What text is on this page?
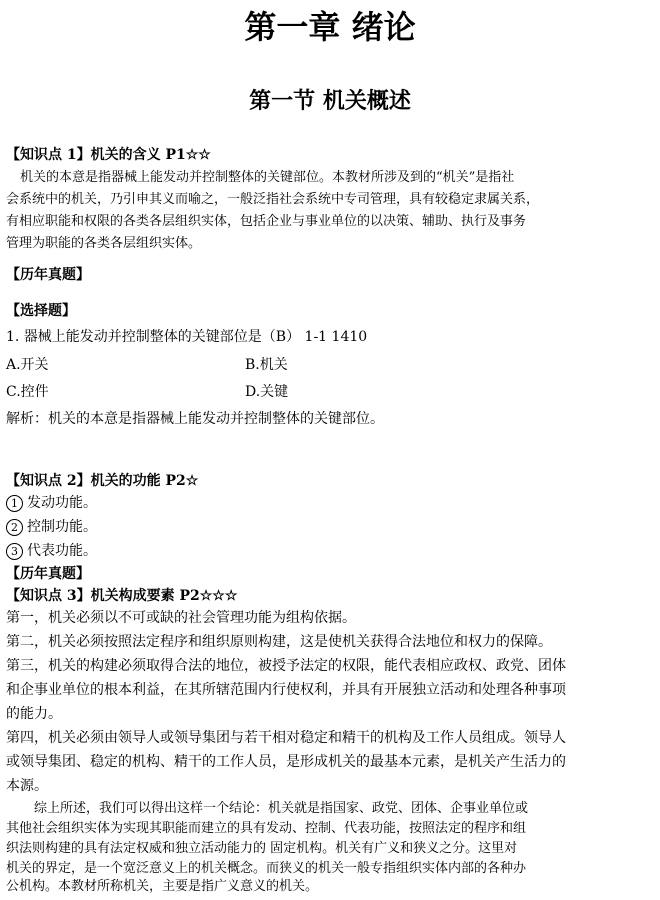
第一章 绪论
第一节 机关概述
【知识点 1】机关的含义 P1☆☆
机关的本意是指器械上能发动并控制整体的关键部位。本教材所涉及到的“机关”是指社
会系统中的机关，乃引申其义而喻之，一般泛指社会系统中专司管理，具有较稳定隶属关系，
有相应职能和权限的各类各层组织实体，包括企业与事业单位的以决策、辅助、执行及事务
管理为职能的各类各层组织实体。
【历年真题】
【选择题】
1. 器械上能发动并控制整体的关键部位是（B） 1-1 1410
A.开关	B.机关
C.控件	D.关键
解析：机关的本意是指器械上能发动并控制整体的关键部位。
【知识点 2】机关的功能 P2☆
1 发动功能。
2 控制功能。
3 代表功能。
【历年真题】
【知识点 3】机关构成要素 P2☆☆☆
第一，机关必须以不可或缺的社会管理功能为组构依据。
第二，机关必须按照法定程序和组织原则构建，这是使机关获得合法地位和权力的保障。
第三，机关的构建必须取得合法的地位，被授予法定的权限，能代表相应政权、政党、团体
和企事业单位的根本利益，在其所辖范围内行使权利，并具有开展独立活动和处理各种事项
的能力。
第四，机关必须由领导人或领导集团与若干相对稳定和精干的机构及工作人员组成。领导人
或领导集团、稳定的机构、精干的工作人员，是形成机关的最基本元素，是机关产生活力的
本源。
综上所述，我们可以得出这样一个结论：机关就是指国家、政党、团体、企事业单位或
其他社会组织实体为实现其职能而建立的具有发动、控制、代表功能，按照法定的程序和组
织法则构建的具有法定权威和独立活动能力的 固定机构。机关有广义和狭义之分。这里对
机关的界定，是一个宽泛意义上的机关概念。而狭义的机关一般专指组织实体内部的各种办
公机构。本教材所称机关，主要是指广义意义的机关。
